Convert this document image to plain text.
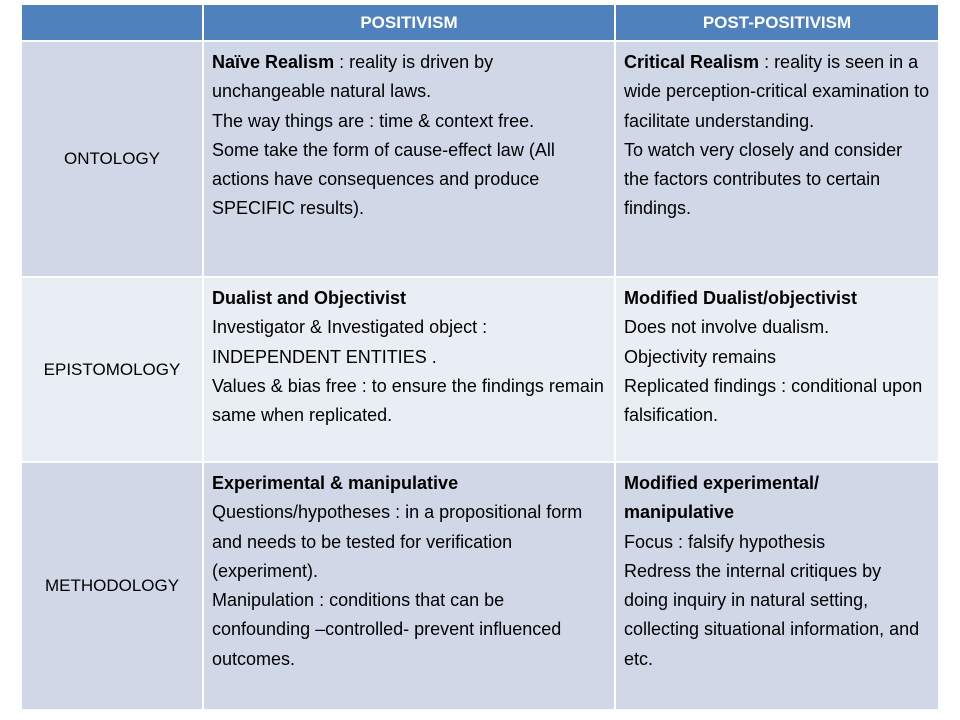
POSITIVISM	POST-POSITIVISM
ONTOLOGY
Naïve Realism : reality is driven by unchangeable natural laws.
The way things are : time & context free.
Some take the form of cause-effect law (All actions have consequences and produce SPECIFIC results).
Critical Realism : reality is seen in a wide perception-critical examination to facilitate understanding.
To watch very closely and consider the factors contributes to certain findings.
EPISTOMOLOGY
Dualist and Objectivist
Investigator & Investigated object : INDEPENDENT ENTITIES .
Values & bias free : to ensure the findings remain same when replicated.
Modified Dualist/objectivist
Does not involve dualism.
Objectivity remains
Replicated findings : conditional upon falsification.
METHODOLOGY
Experimental & manipulative
Questions/hypotheses : in a propositional form and needs to be tested for verification (experiment).
Manipulation : conditions that can be confounding –controlled- prevent influenced outcomes.
Modified experimental/ manipulative
Focus : falsify hypothesis
Redress the internal critiques by doing inquiry in natural setting, collecting situational information, and etc.
